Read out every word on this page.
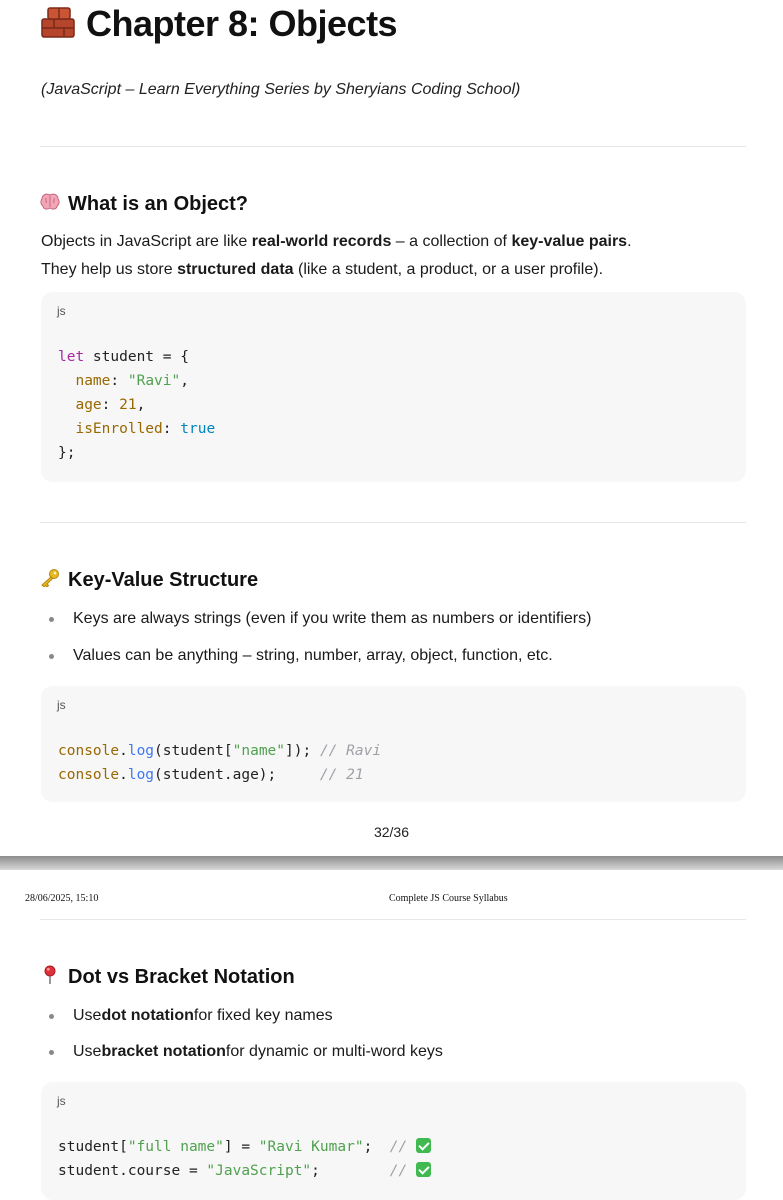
Chapter 8: Objects
(JavaScript – Learn Everything Series by Sheryians Coding School)
What is an Object?
Objects in JavaScript are like real-world records – a collection of key-value pairs.
They help us store structured data (like a student, a product, or a user profile).
js
let student = {
name: "Ravi",
age: 21,
isEnrolled: true
};
Key-Value Structure
Keys are always strings (even if you write them as numbers or identifiers)
Values can be anything – string, number, array, object, function, etc.
js
console.log(student["name"]); // Ravi
console.log(student.age);     // 21
32/36
28/06/2025, 15:10	Complete JS Course Syllabus
Dot vs Bracket Notation
Use dot notation for fixed key names
Use bracket notation for dynamic or multi-word keys
js
student["full name"] = "Ravi Kumar";  //
student.course = "JavaScript";        //
